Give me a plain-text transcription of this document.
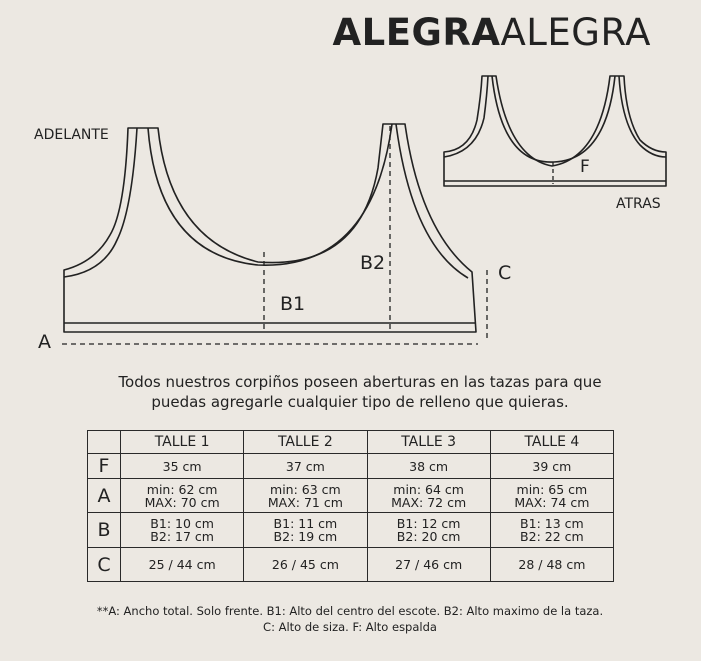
ALEGRAALEGRA
ADELANTE
ATRAS
A
B1
B2	C
F
Todos nuestros corpiños poseen aberturas en las tazas para que
puedas agregarle cualquier tipo de relleno que quieras.
	TALLE 1	TALLE 2	TALLE 3	TALLE 4
F	35 cm	37 cm	38 cm	39 cm

A	min: 62 cm
MAX: 70 cm	min: 63 cm
MAX: 71 cm	min: 64 cm
MAX: 72 cm	min: 65 cm
MAX: 74 cm

B	B1: 10 cm
B2: 17 cm	B1: 11 cm
B2: 19 cm	B1: 12 cm
B2: 20 cm	B1: 13 cm
B2: 22 cm

C	25 / 44 cm	26 / 45 cm	27 / 46 cm	28 / 48 cm
**A: Ancho total. Solo frente. B1: Alto del centro del escote. B2: Alto maximo de la taza.
C: Alto de siza. F: Alto espalda
